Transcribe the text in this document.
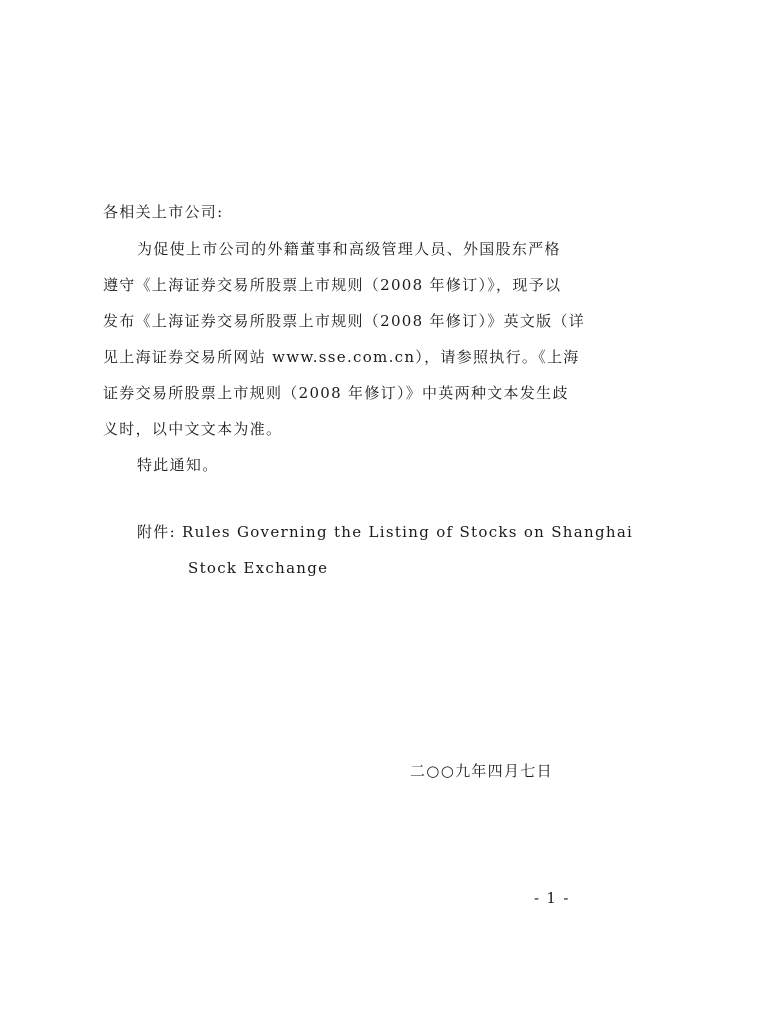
各相关上市公司:
为促使上市公司的外籍董事和高级管理人员、外国股东严格
遵守《上海证券交易所股票上市规则（2008 年修订）》，现予以
发布《上海证券交易所股票上市规则（2008 年修订）》英文版（详
见上海证券交易所网站 www.sse.com.cn），请参照执行。《上海
证券交易所股票上市规则（2008 年修订）》中英两种文本发生歧
义时，以中文文本为准。
特此通知。
附件: Rules Governing the Listing of Stocks on Shanghai
Stock Exchange
二○○九年四月七日
- 1 -
